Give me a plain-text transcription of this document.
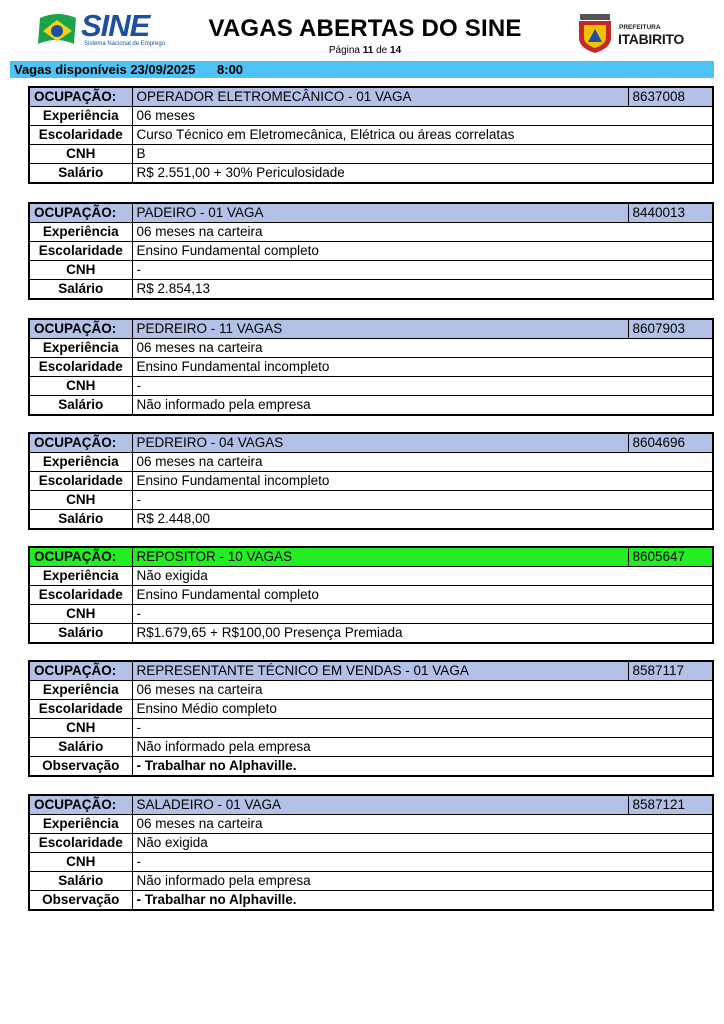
SINE
Sistema Nacional de Emprego
VAGAS ABERTAS DO SINE
Página 11 de 14
PREFEITURA
ITABIRITO
Vagas disponíveis 23/09/2025 8:00
OCUPAÇÃO:	OPERADOR ELETROMECÂNICO - 01 VAGA	8637008
Experiência	06 meses	
Escolaridade	Curso Técnico em Eletromecânica, Elétrica ou áreas correlatas	
CNH	B	
Salário	R$ 2.551,00 + 30% Periculosidade	
OCUPAÇÃO:	PADEIRO - 01 VAGA	8440013
Experiência	06 meses na carteira	
Escolaridade	Ensino Fundamental completo	
CNH	-	
Salário	R$ 2.854,13	
OCUPAÇÃO:	PEDREIRO - 11 VAGAS	8607903
Experiência	06 meses na carteira	
Escolaridade	Ensino Fundamental incompleto	
CNH	-	
Salário	Não informado pela empresa	
OCUPAÇÃO:	PEDREIRO - 04 VAGAS	8604696
Experiência	06 meses na carteira	
Escolaridade	Ensino Fundamental incompleto	
CNH	-	
Salário	R$ 2.448,00	
OCUPAÇÃO:	REPOSITOR - 10 VAGAS	8605647
Experiência	Não exigida	
Escolaridade	Ensino Fundamental completo	
CNH	-	
Salário	R$1.679,65 + R$100,00 Presença Premiada	
OCUPAÇÃO:	REPRESENTANTE TÉCNICO EM VENDAS - 01 VAGA	8587117
Experiência	06 meses na carteira	
Escolaridade	Ensino Médio completo	
CNH	-	
Salário	Não informado pela empresa	
Observação	- Trabalhar no Alphaville.	
OCUPAÇÃO:	SALADEIRO - 01 VAGA	8587121
Experiência	06 meses na carteira	
Escolaridade	Não exigida	
CNH	-	
Salário	Não informado pela empresa	
Observação	- Trabalhar no Alphaville.	
